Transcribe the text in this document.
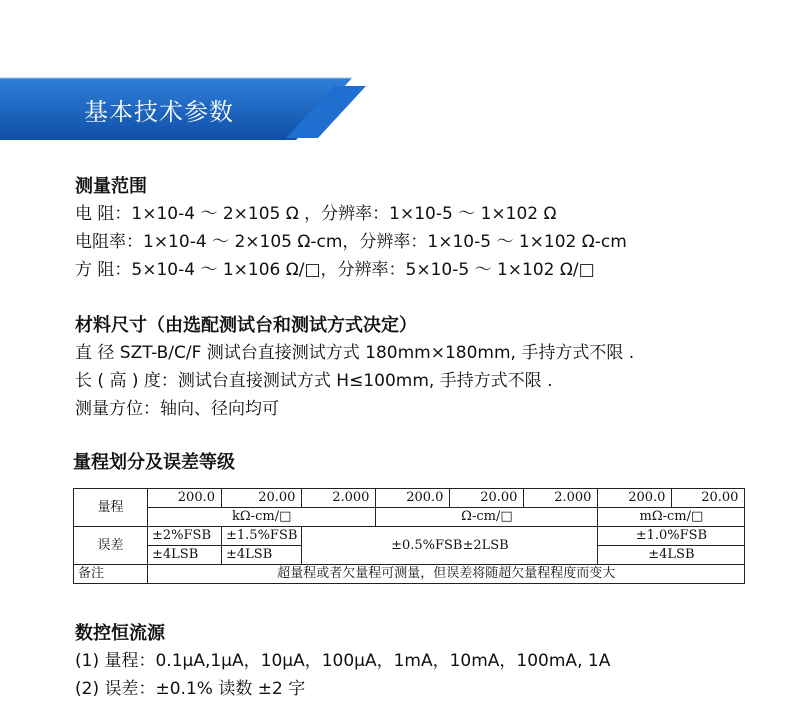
基本技术参数
测量范围
电 阻：1×10-4 ～ 2×105 Ω ，分辨率：1×10-5 ～ 1×102 Ω
电阻率：1×10-4 ～ 2×105 Ω-cm，分辨率：1×10-5 ～ 1×102 Ω-cm
方 阻：5×10-4 ～ 1×106 Ω/□，分辨率：5×10-5 ～ 1×102 Ω/□
材料尺寸（由选配测试台和测试方式决定）
直 径 SZT-B/C/F 测试台直接测试方式 180mm×180mm, 手持方式不限 .
长 ( 高 ) 度：测试台直接测试方式 H≤100mm, 手持方式不限 .
测量方位：轴向、径向均可
量程划分及误差等级
量程	200.0	20.00	2.000	200.0	20.00	2.000	200.0	20.00
	kΩ-cm/□			Ω-cm/□			mΩ-cm/□	
误差	±2%FSB	±1.5%FSB	±0.5%FSB±2LSB				±1.0%FSB	
	±4LSB	±4LSB					±4LSB	
备注	超量程或者欠量程可测量，但误差将随超欠量程程度而变大							
数控恒流源
(1) 量程：0.1μA,1μA，10μA，100μA，1mA，10mA，100mA, 1A
(2) 误差：±0.1% 读数 ±2 字
